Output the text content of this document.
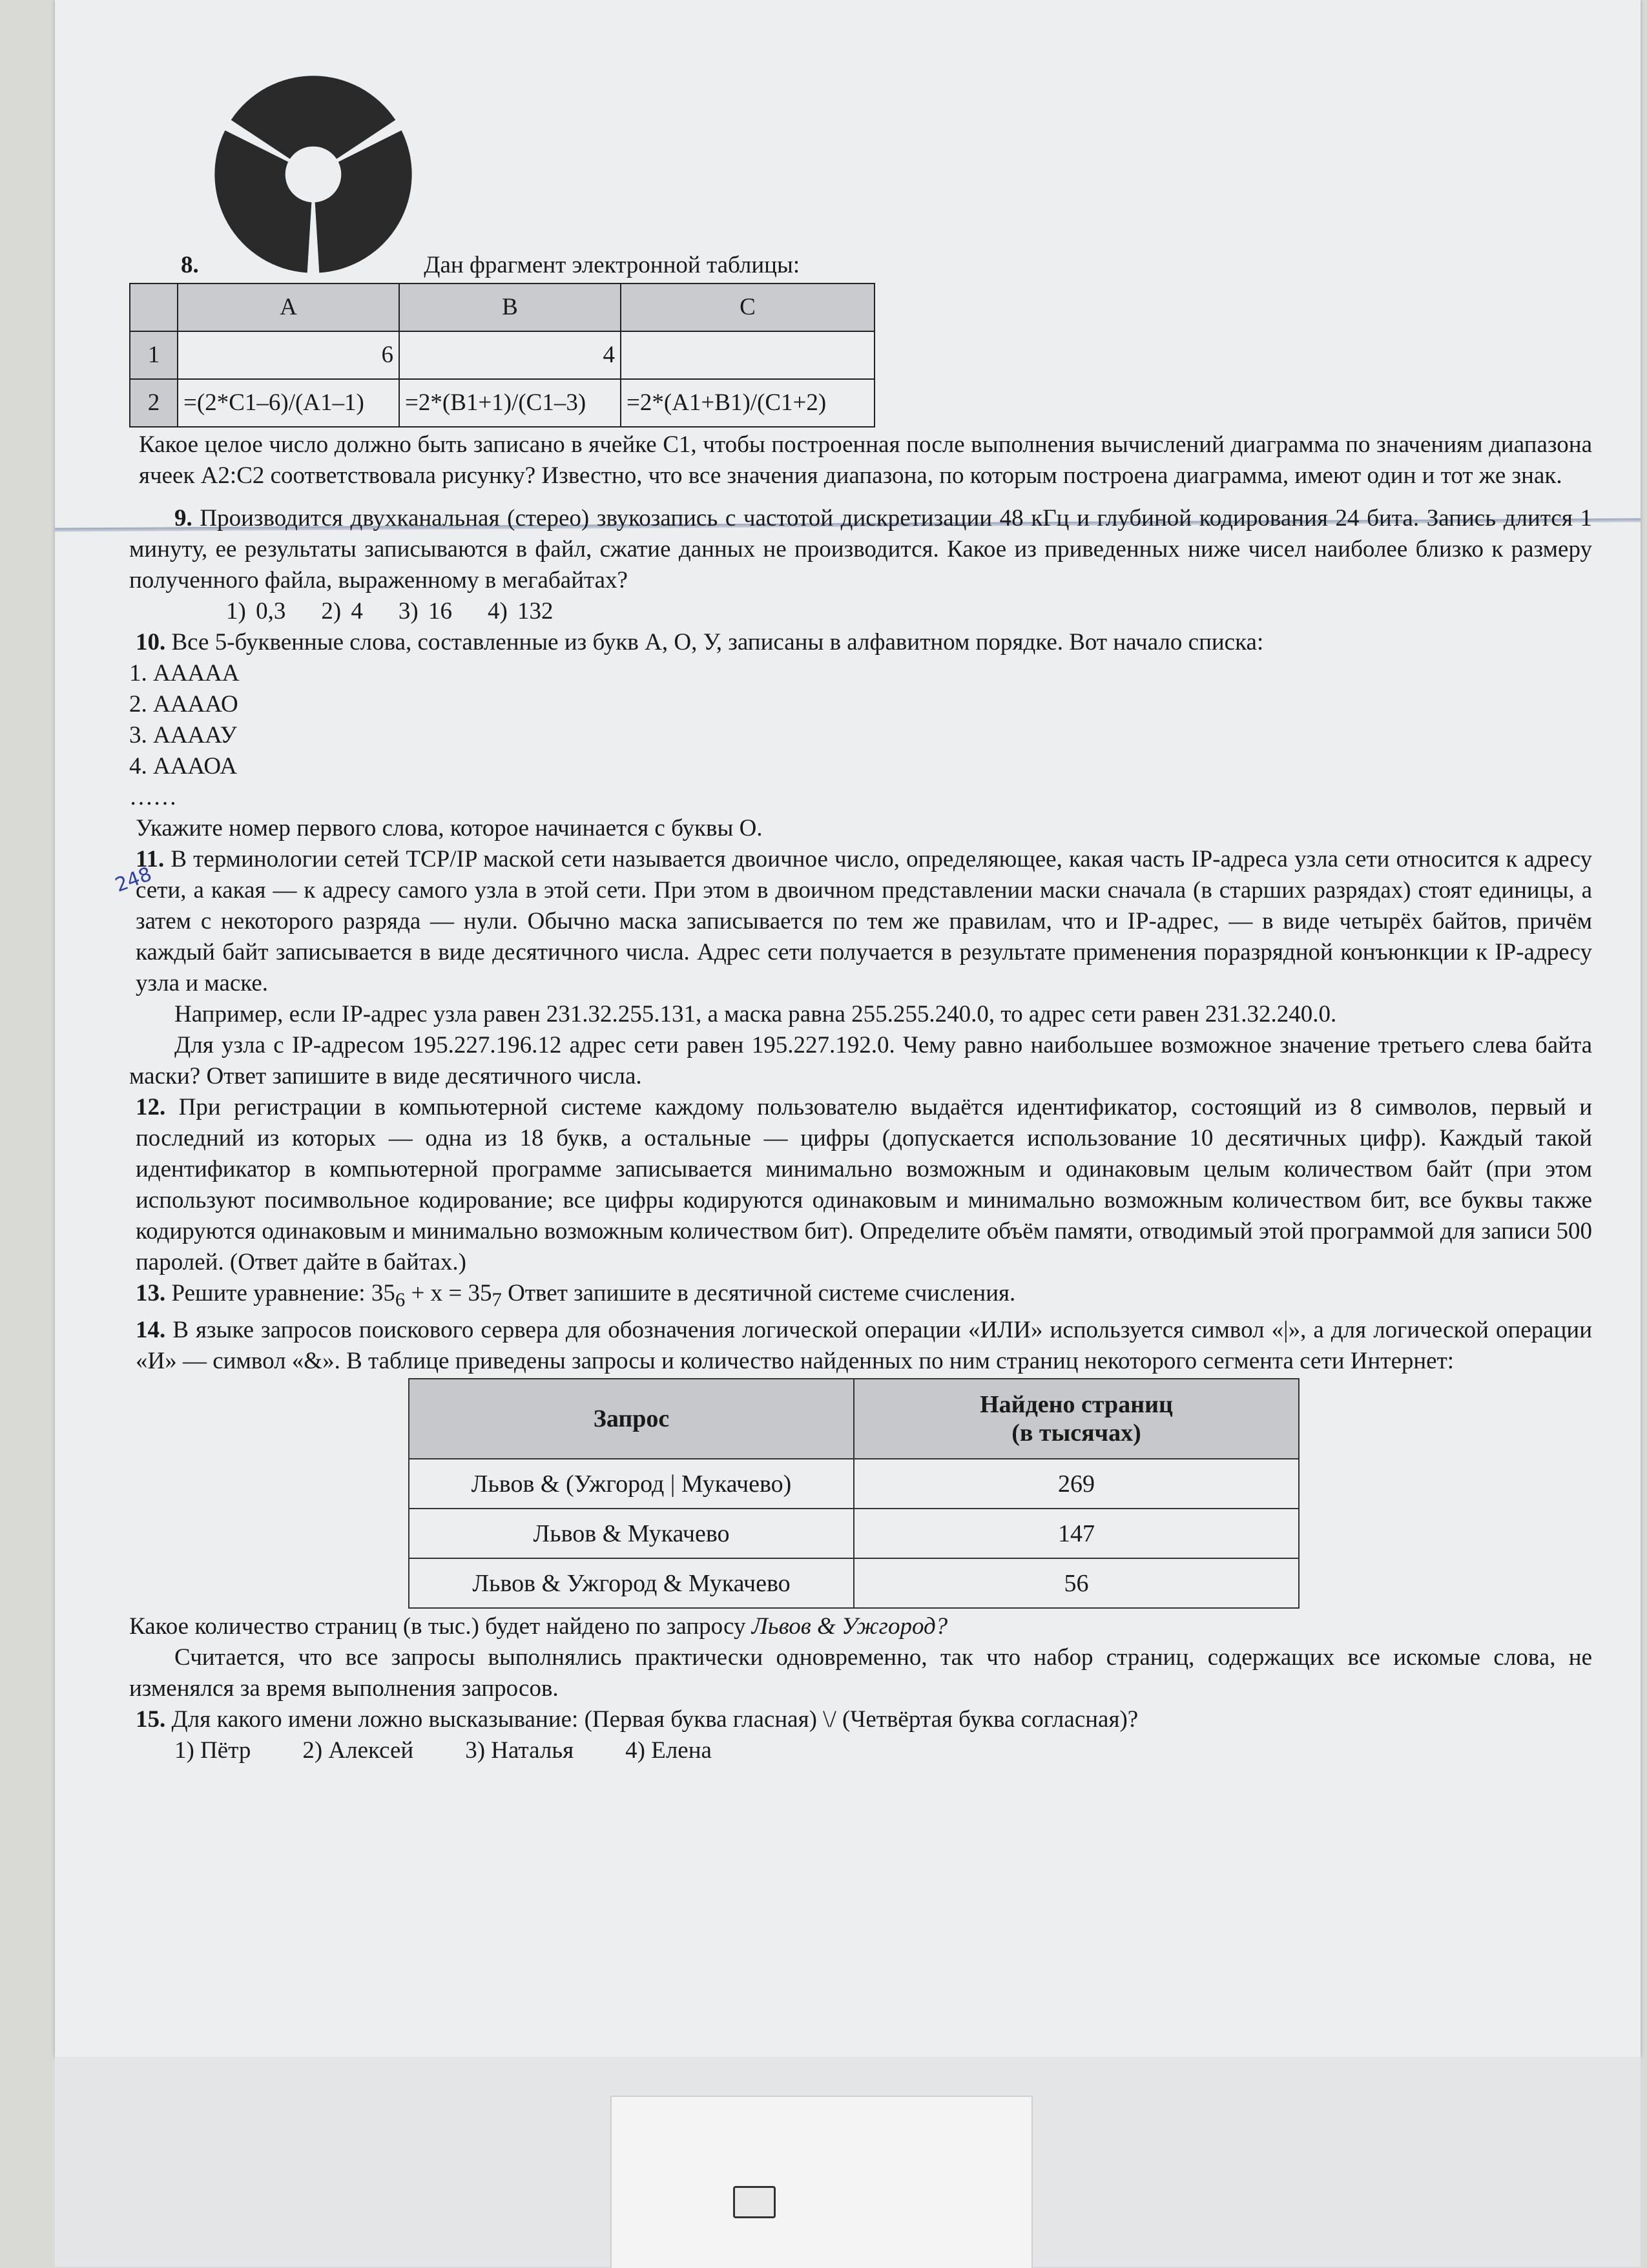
248

8.	Дан фрагмент электронной таблицы:

	A	B	C
1	6	4	
2	=(2*C1–6)/(A1–1)	=2*(B1+1)/(C1–3)	=2*(A1+B1)/(C1+2)

Какое целое число должно быть записано в ячейке C1, чтобы построенная после выполнения вычислений диаграмма по значениям диапазона ячеек A2:C2 соответствовала рисунку? Известно, что все значения диапазона, по которым построена диаграмма, имеют один и тот же знак.

9. Производится двухканальная (стерео) звукозапись с частотой дискретизации 48 кГц и глубиной кодирования 24 бита. Запись длится 1 минуту, ее результаты записываются в файл, сжатие данных не производится. Какое из приведенных ниже чисел наиболее близко к размеру полученного файла, выраженному в мегабайтах?

1) 0,3 2) 4 3) 16 4) 132

10. Все 5-буквенные слова, составленные из букв А, О, У, записаны в алфавитном порядке. Вот начало списка:

1. ААААА

2. ААААО

3. ААААУ

4. АААОА

……

Укажите номер первого слова, которое начинается с буквы О.

11. В терминологии сетей TCP/IP маской сети называется двоичное число, определяющее, какая часть IP-адреса узла сети относится к адресу сети, а какая — к адресу самого узла в этой сети. При этом в двоичном представлении маски сначала (в старших разрядах) стоят единицы, а затем с некоторого разряда — нули. Обычно маска записывается по тем же правилам, что и IP-адрес, — в виде четырёх байтов, причём каждый байт записывается в виде десятичного числа. Адрес сети получается в результате применения поразрядной конъюнкции к IP-адресу узла и маске.

Например, если IP-адрес узла равен 231.32.255.131, а маска равна 255.255.240.0, то адрес сети равен 231.32.240.0.

Для узла с IP-адресом 195.227.196.12 адрес сети равен 195.227.192.0. Чему равно наибольшее возможное значение третьего слева байта маски? Ответ запишите в виде десятичного числа.

12. При регистрации в компьютерной системе каждому пользователю выдаётся идентификатор, состоящий из 8 символов, первый и последний из которых — одна из 18 букв, а остальные — цифры (допускается использование 10 десятичных цифр). Каждый такой идентификатор в компьютерной программе записывается минимально возможным и одинаковым целым количеством байт (при этом используют посимвольное кодирование; все цифры кодируются одинаковым и минимально возможным количеством бит, все буквы также кодируются одинаковым и минимально возможным количеством бит). Определите объём памяти, отводимый этой программой для записи 500 паролей. (Ответ дайте в байтах.)

13. Решите уравнение: $35_6 + x = 35_7$ Ответ запишите в десятичной системе счисления.

14. В языке запросов поискового сервера для обозначения логической операции «ИЛИ» используется символ «|», а для логической операции «И» — символ «&». В таблице приведены запросы и количество найденных по ним страниц некоторого сегмента сети Интернет:

Запрос	Найдено страниц
(в тысячах)
Львов & (Ужгород | Мукачево)	269
Львов & Мукачево	147
Львов & Ужгород & Мукачево	56

Какое количество страниц (в тыс.) будет найдено по запросу Львов & Ужгород?

Считается, что все запросы выполнялись практически одновременно, так что набор страниц, содержащих все искомые слова, не изменялся за время выполнения запросов.

15. Для какого имени ложно высказывание: (Первая буква гласная) \/ (Четвёртая буква согласная)?

1) Пётр 2) Алексей 3) Наталья 4) Елена
